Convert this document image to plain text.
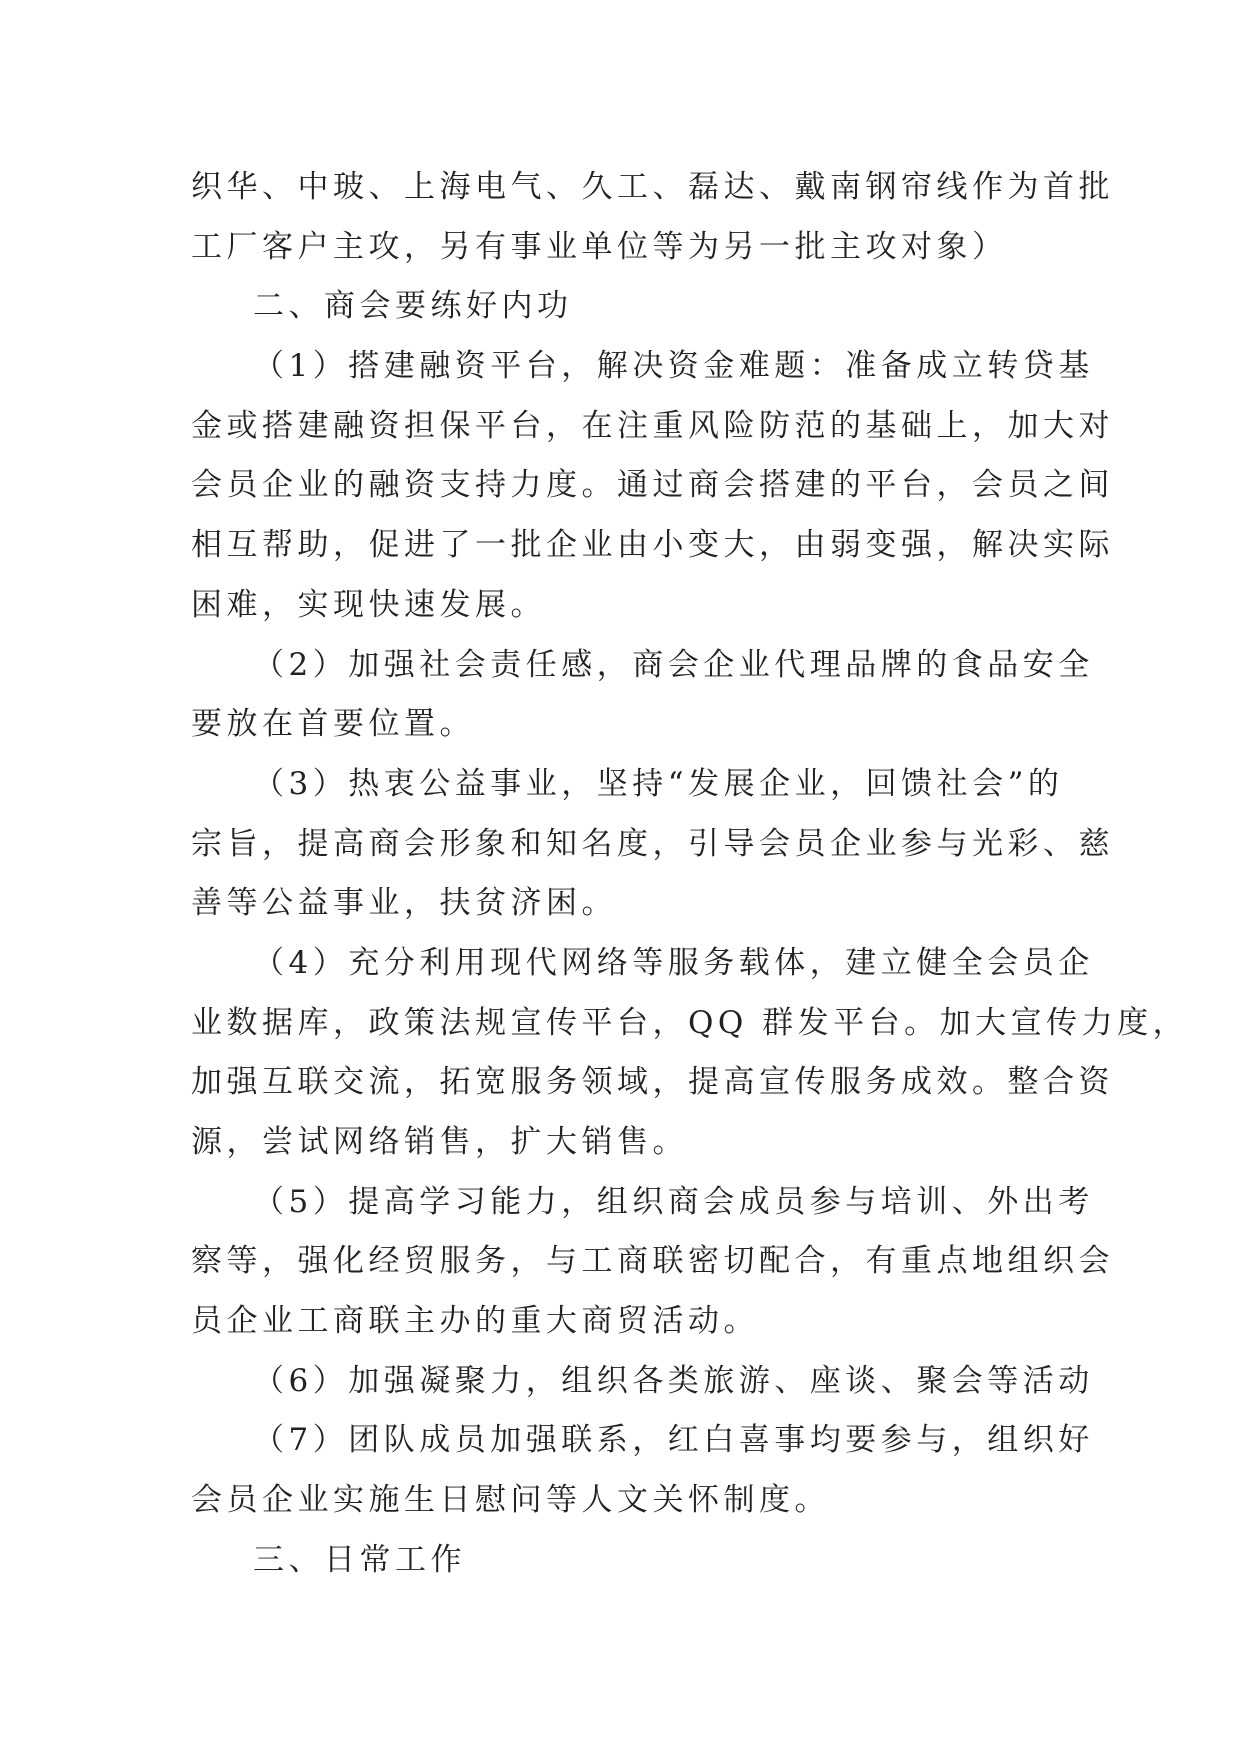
织华、中玻、上海电气、久工、磊达、戴南钢帘线作为首批
工厂客户主攻，另有事业单位等为另一批主攻对象）
二、商会要练好内功
（1）搭建融资平台，解决资金难题：准备成立转贷基
金或搭建融资担保平台，在注重风险防范的基础上，加大对
会员企业的融资支持力度。通过商会搭建的平台，会员之间
相互帮助，促进了一批企业由小变大，由弱变强，解决实际
困难，实现快速发展。
（2）加强社会责任感，商会企业代理品牌的食品安全
要放在首要位置。
（3）热衷公益事业，坚持“发展企业，回馈社会”的
宗旨，提高商会形象和知名度，引导会员企业参与光彩、慈
善等公益事业，扶贫济困。
（4）充分利用现代网络等服务载体，建立健全会员企
业数据库，政策法规宣传平台，QQ 群发平台。加大宣传力度，
加强互联交流，拓宽服务领域，提高宣传服务成效。整合资
源，尝试网络销售，扩大销售。
（5）提高学习能力，组织商会成员参与培训、外出考
察等，强化经贸服务，与工商联密切配合，有重点地组织会
员企业工商联主办的重大商贸活动。
（6）加强凝聚力，组织各类旅游、座谈、聚会等活动
（7）团队成员加强联系，红白喜事均要参与，组织好
会员企业实施生日慰问等人文关怀制度。
三、日常工作
